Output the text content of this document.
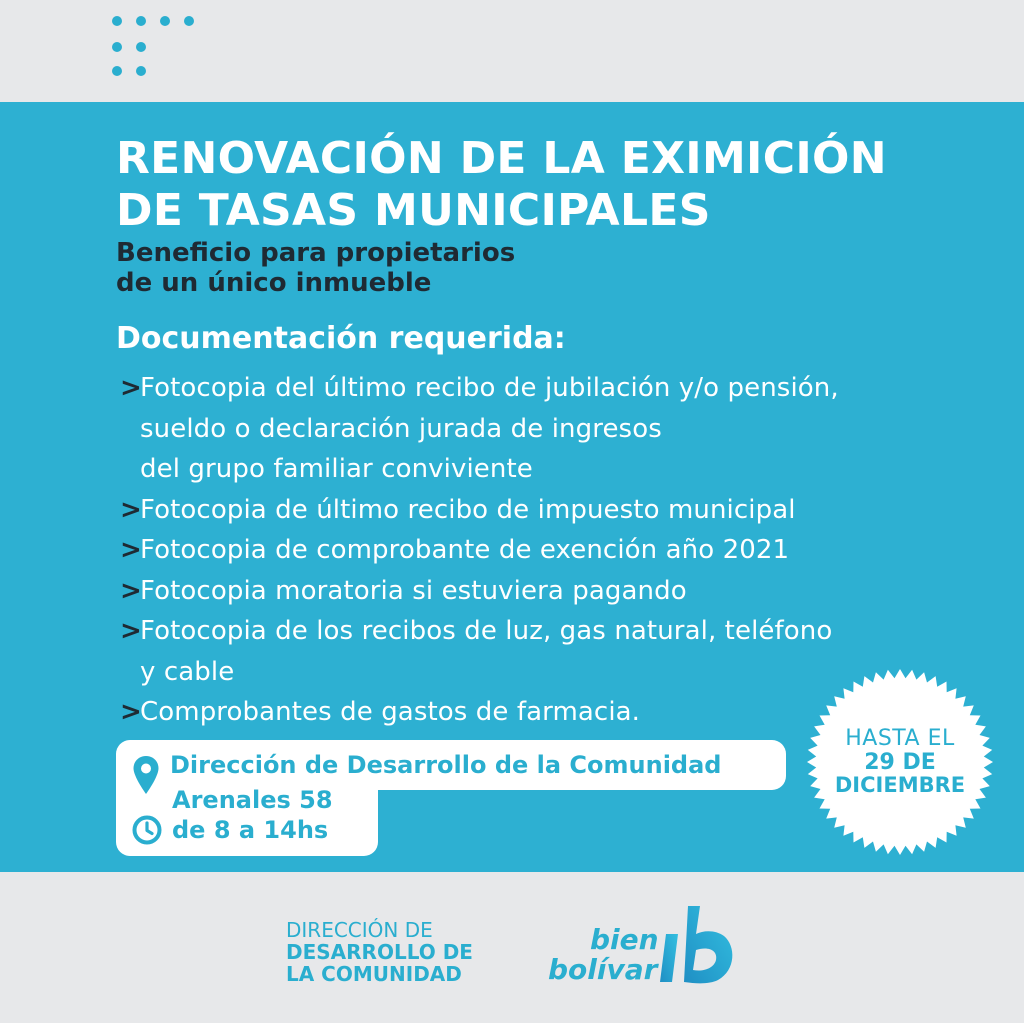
RENOVACIÓN DE LA EXIMICIÓN
DE TASAS MUNICIPALES
Beneficio para propietarios
de un único inmueble
Documentación requerida:
>
Fotocopia del último recibo de jubilación y/o pensión,
sueldo o declaración jurada de ingresos
del grupo familiar conviviente
>
Fotocopia de último recibo de impuesto municipal
>
Fotocopia de comprobante de exención año 2021
>
Fotocopia moratoria si estuviera pagando
>
Fotocopia de los recibos de luz, gas natural, teléfono
y cable
>
Comprobantes de gastos de farmacia.
Dirección de Desarrollo de la Comunidad
Arenales 58
de 8 a 14hs
HASTA EL
29 DE
DICIEMBRE
DIRECCIÓN DE
DESARROLLO DE
LA COMUNIDAD
bien
bolívar
